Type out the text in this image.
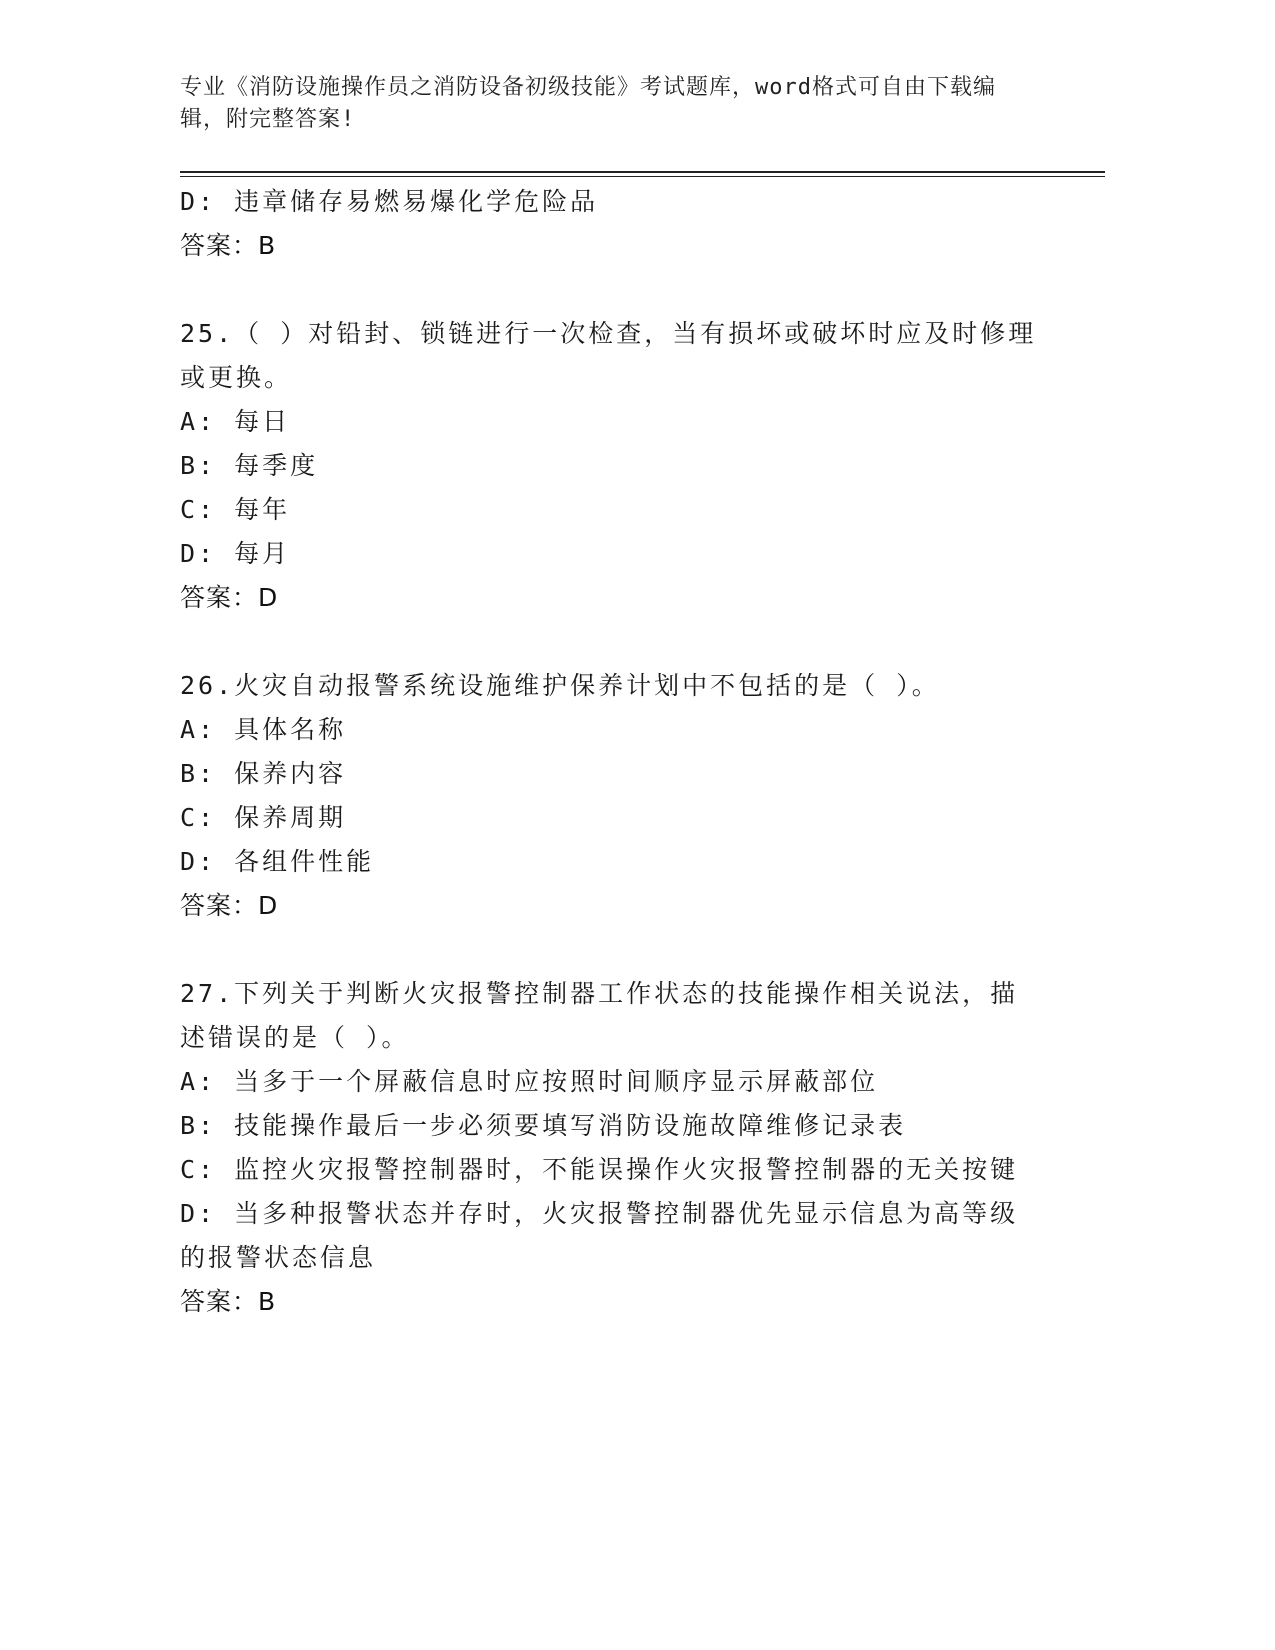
专业《消防设施操作员之消防设备初级技能》考试题库，word格式可自由下载编
辑，附完整答案!
D: 违章储存易燃易爆化学危险品
答案：B
25.（ ）对铅封、锁链进行一次检查，当有损坏或破坏时应及时修理或更换。
A: 每日
B: 每季度
C: 每年
D: 每月
答案：D
26.火灾自动报警系统设施维护保养计划中不包括的是（ ）。
A: 具体名称
B: 保养内容
C: 保养周期
D: 各组件性能
答案：D
27.下列关于判断火灾报警控制器工作状态的技能操作相关说法，描述错误的是（ ）。
A: 当多于一个屏蔽信息时应按照时间顺序显示屏蔽部位
B: 技能操作最后一步必须要填写消防设施故障维修记录表
C: 监控火灾报警控制器时，不能误操作火灾报警控制器的无关按键
D: 当多种报警状态并存时，火灾报警控制器优先显示信息为高等级的报警状态信息
答案：B
